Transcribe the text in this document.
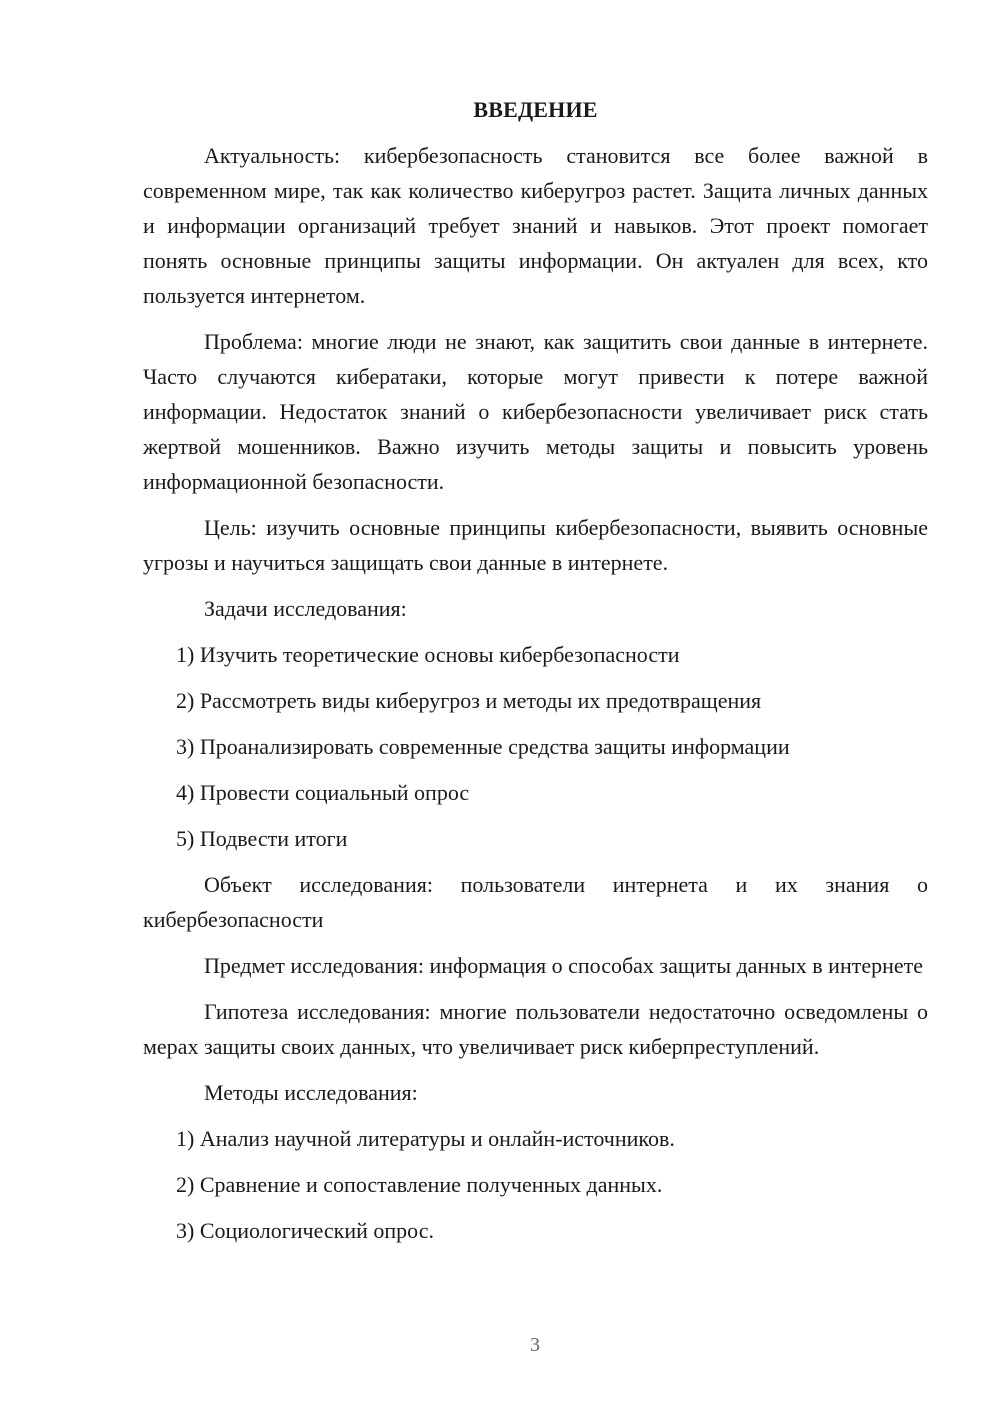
ВВЕДЕНИЕ

Актуальность: кибербезопасность становится все более важной в современном мире, так как количество киберугроз растет. Защита личных данных и информации организаций требует знаний и навыков. Этот проект помогает понять основные принципы защиты информации. Он актуален для всех, кто пользуется интернетом.

Проблема: многие люди не знают, как защитить свои данные в интернете. Часто случаются кибератаки, которые могут привести к потере важной информации. Недостаток знаний о кибербезопасности увеличивает риск стать жертвой мошенников. Важно изучить методы защиты и повысить уровень информационной безопасности.

Цель: изучить основные принципы кибербезопасности, выявить основные угрозы и научиться защищать свои данные в интернете.

Задачи исследования:
1) Изучить теоретические основы кибербезопасности
2) Рассмотреть виды киберугроз и методы их предотвращения
3) Проанализировать современные средства защиты информации
4) Провести социальный опрос
5) Подвести итоги

Объект исследования: пользователи интернета и их знания о кибербезопасности

Предмет исследования: информация о способах защиты данных в интернете

Гипотеза исследования: многие пользователи недостаточно осведомлены о мерах защиты своих данных, что увеличивает риск киберпреступлений.

Методы исследования:
1) Анализ научной литературы и онлайн-источников.
2) Сравнение и сопоставление полученных данных.
3) Социологический опрос.
3
